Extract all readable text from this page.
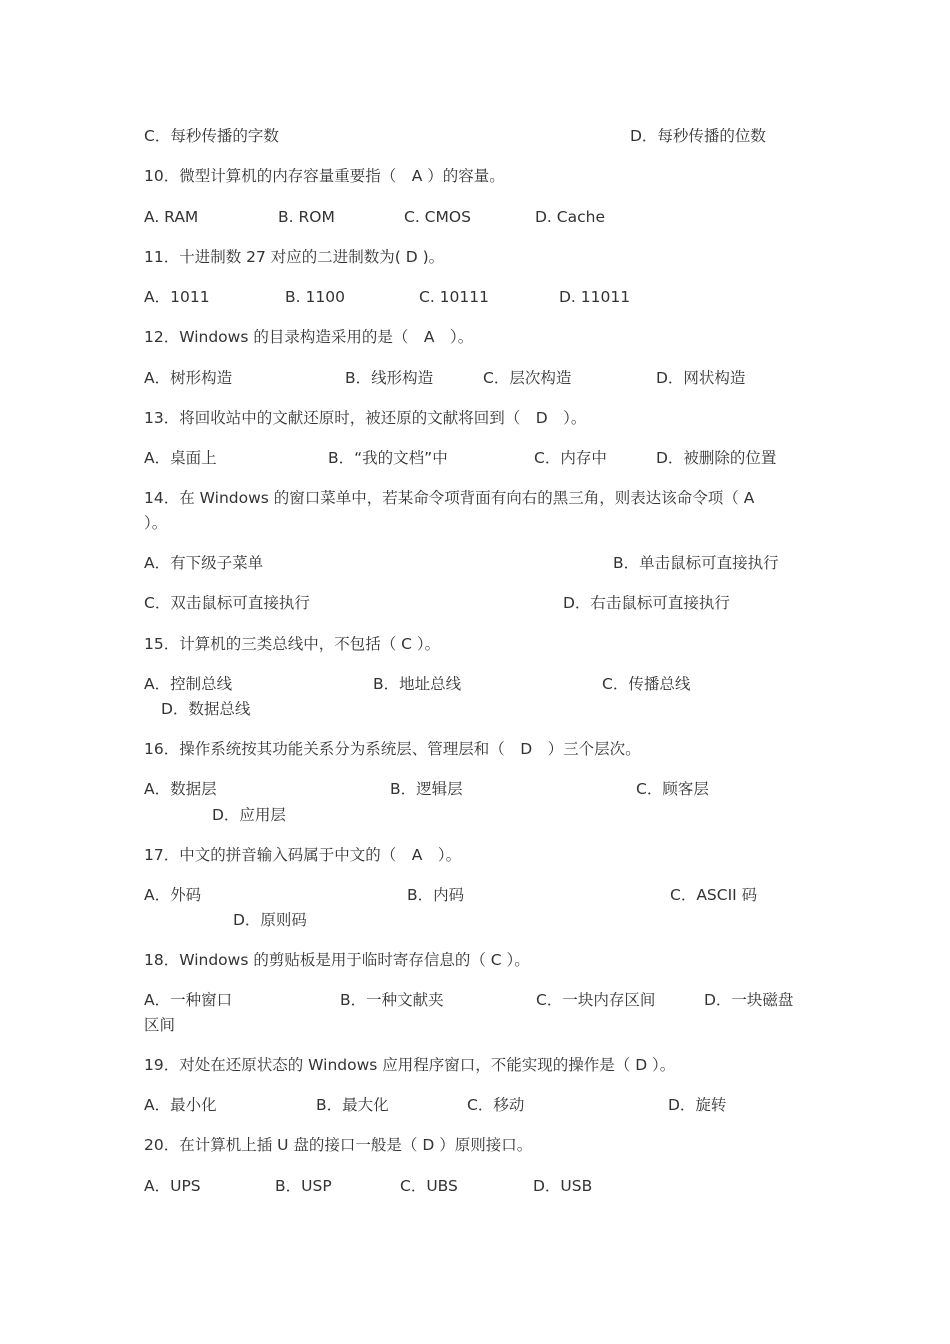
C．每秒传播的字数	D．每秒传播的位数
10．微型计算机的内存容量重要指（　A ）的容量。
A. RAM	B. ROM	C. CMOS	D. Cache
11．十进制数 27 对应的二进制数为( D )。
A．1011	B. 1100	C. 10111	D. 11011
12．Windows 的目录构造采用的是（　A　）。
A．树形构造	B．线形构造	C．层次构造	D．网状构造
13．将回收站中的文献还原时，被还原的文献将回到（　D　）。
A．桌面上	B．“我的文档”中	C．内存中	D．被删除的位置
14．在 Windows 的窗口菜单中，若某命令项背面有向右的黑三角，则表达该命令项（ A
）。
A．有下级子菜单	B．单击鼠标可直接执行
C．双击鼠标可直接执行	D．右击鼠标可直接执行
15．计算机的三类总线中，不包括（ C ）。
A．控制总线	B．地址总线	C．传播总线
D．数据总线
16．操作系统按其功能关系分为系统层、管理层和（　D　）三个层次。
A．数据层	B．逻辑层	C．顾客层
D．应用层
17．中文的拼音输入码属于中文的（　A　）。
A．外码	B．内码	C．ASCII 码
D．原则码
18．Windows 的剪贴板是用于临时寄存信息的（ C ）。
A．一种窗口	B．一种文献夹	C．一块内存区间	D．一块磁盘
区间
19．对处在还原状态的 Windows 应用程序窗口，不能实现的操作是（ D ）。
A．最小化	B．最大化	C．移动	D．旋转
20．在计算机上插 U 盘的接口一般是（ D ）原则接口。
A．UPS	B．USP	C．UBS	D．USB
